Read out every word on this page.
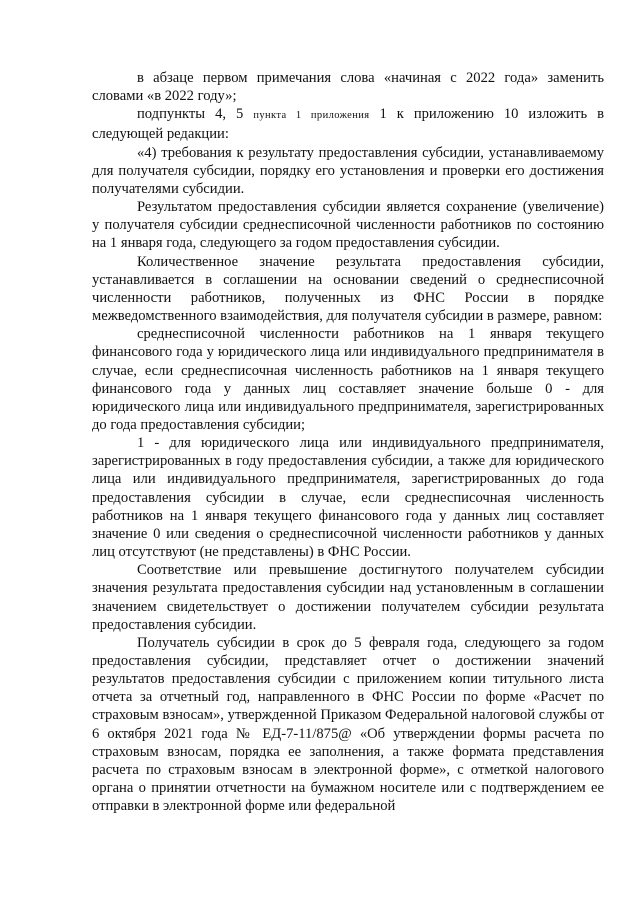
в абзаце первом примечания слова «начиная с 2022 года» заменить словами «в 2022 году»;

подпункты 4, 5 пункта 1 приложения 1 к приложению 10 изложить в следующей редакции:

«4) требования к результату предоставления субсидии, устанавливаемому для получателя субсидии, порядку его установления и проверки его достижения получателями субсидии.

Результатом предоставления субсидии является сохранение (увеличение) у получателя субсидии среднесписочной численности работников по состоянию на 1 января года, следующего за годом предоставления субсидии.

Количественное значение результата предоставления субсидии, устанавливается в соглашении на основании сведений о среднесписочной численности работников, полученных из ФНС России в порядке межведомственного взаимодействия, для получателя субсидии в размере, равном:

среднесписочной численности работников на 1 января текущего финансового года у юридического лица или индивидуального предпринимателя в случае, если среднесписочная численность работников на 1 января текущего финансового года у данных лиц составляет значение больше 0 - для юридического лица или индивидуального предпринимателя, зарегистрированных до года предоставления субсидии;

1 - для юридического лица или индивидуального предпринимателя, зарегистрированных в году предоставления субсидии, а также для юридического лица или индивидуального предпринимателя, зарегистрированных до года предоставления субсидии в случае, если среднесписочная численность работников на 1 января текущего финансового года у данных лиц составляет значение 0 или сведения о среднесписочной численности работников у данных лиц отсутствуют (не представлены) в ФНС России.

Соответствие или превышение достигнутого получателем субсидии значения результата предоставления субсидии над установленным в соглашении значением свидетельствует о достижении получателем субсидии результата предоставления субсидии.

Получатель субсидии в срок до 5 февраля года, следующего за годом предоставления субсидии, представляет отчет о достижении значений результатов предоставления субсидии с приложением копии титульного листа отчета за отчетный год, направленного в ФНС России по форме «Расчет по страховым взносам», утвержденной Приказом Федеральной налоговой службы от 6 октября 2021 года № ЕД-7-11/875@ «Об утверждении формы расчета по страховым взносам, порядка ее заполнения, а также формата представления расчета по страховым взносам в электронной форме», с отметкой налогового органа о принятии отчетности на бумажном носителе или с подтверждением ее отправки в электронной форме или федеральной
